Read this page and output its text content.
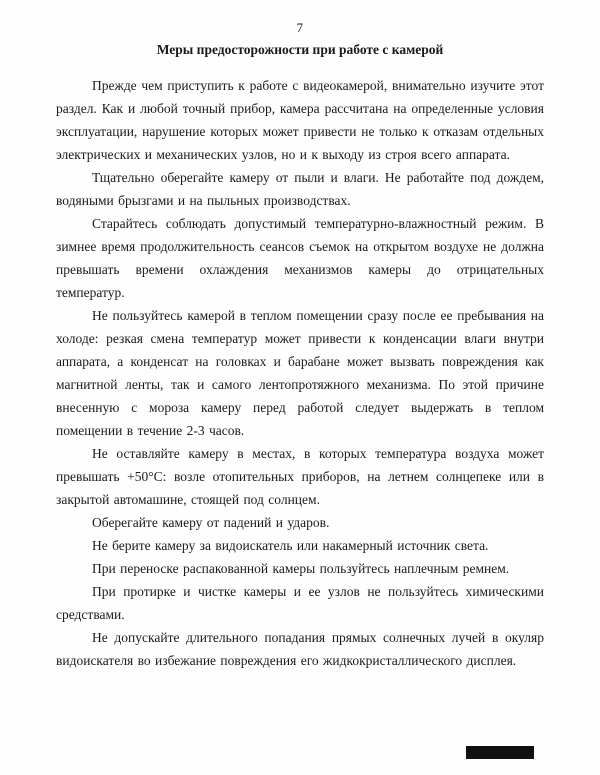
7
Меры предосторожности при работе с камерой

Прежде чем приступить к работе с видеокамерой, внимательно изучите этот раздел. Как и любой точный прибор, камера рассчитана на определенные условия эксплуатации, нарушение которых может привести не только к отказам отдельных электрических и механических узлов, но и к выходу из строя всего аппарата.

Тщательно оберегайте камеру от пыли и влаги. Не работайте под дождем, водяными брызгами и на пыльных производствах.

Старайтесь соблюдать допустимый температурно-влажностный режим. В зимнее время продолжительность сеансов съемок на открытом воздухе не должна превышать времени охлаждения механизмов камеры до отрицательных температур.

Не пользуйтесь камерой в теплом помещении сразу после ее пребывания на холоде: резкая смена температур может привести к конденсации влаги внутри аппарата, а конденсат на головках и барабане может вызвать повреждения как магнитной ленты, так и самого лентопротяжного механизма. По этой причине внесенную с мороза камеру перед работой следует выдержать в теплом помещении в течение 2-3 часов.

Не оставляйте камеру в местах, в которых температура воздуха может превышать +50°С: возле отопительных приборов, на летнем солнцепеке или в закрытой автомашине, стоящей под солнцем.

Оберегайте камеру от падений и ударов.

Не берите камеру за видоискатель или накамерный источник света.

При переноске распакованной камеры пользуйтесь наплечным ремнем.

При протирке и чистке камеры и ее узлов не пользуйтесь химическими средствами.

Не допускайте длительного попадания прямых солнечных лучей в окуляр видоискателя во избежание повреждения его жидкокристаллического дисплея.
